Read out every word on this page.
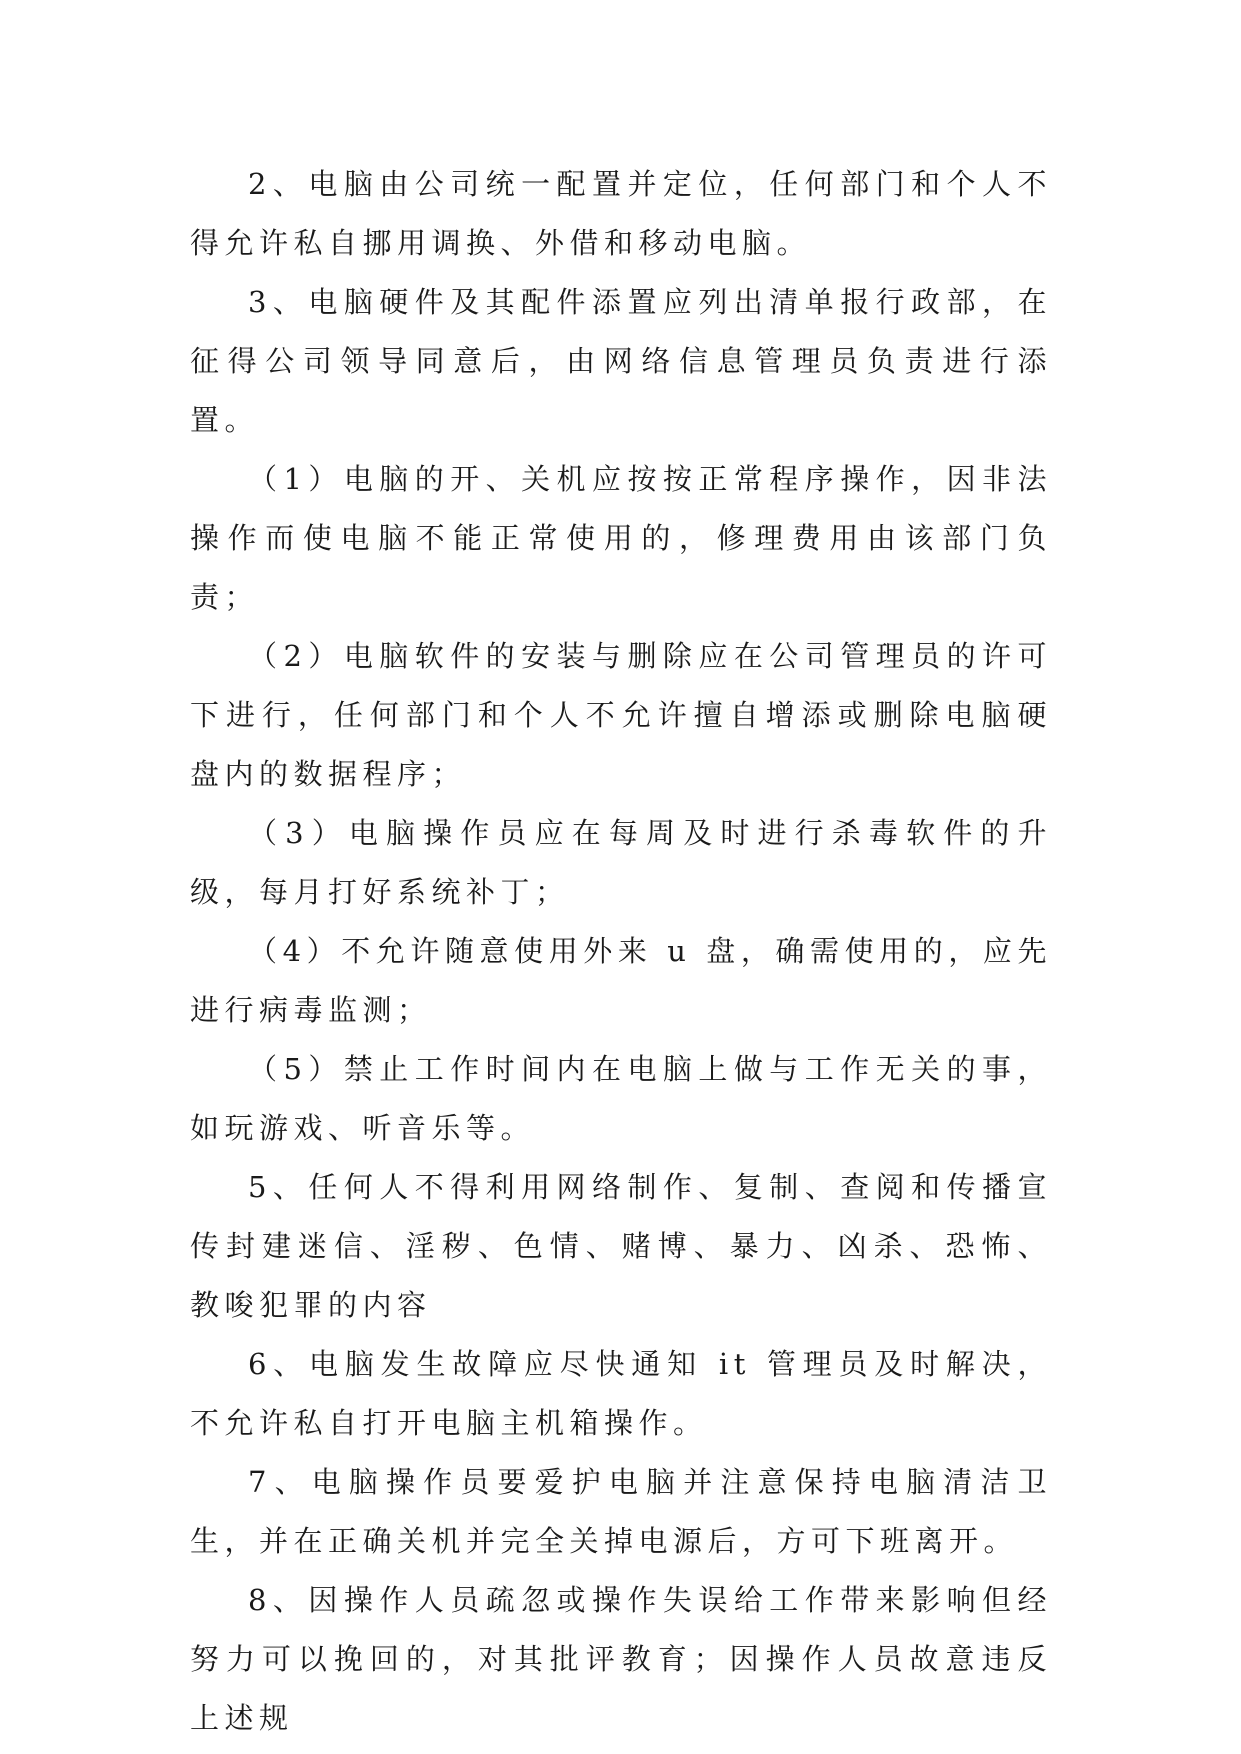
2、电脑由公司统一配置并定位，任何部门和个人不得允许私自挪用调换、外借和移动电脑。

3、电脑硬件及其配件添置应列出清单报行政部，在征得公司领导同意后，由网络信息管理员负责进行添置。

（1）电脑的开、关机应按按正常程序操作，因非法操作而使电脑不能正常使用的，修理费用由该部门负责；

（2）电脑软件的安装与删除应在公司管理员的许可下进行，任何部门和个人不允许擅自增添或删除电脑硬盘内的数据程序；

（3）电脑操作员应在每周及时进行杀毒软件的升级，每月打好系统补丁；

（4）不允许随意使用外来 u 盘，确需使用的，应先进行病毒监测；

（5）禁止工作时间内在电脑上做与工作无关的事，如玩游戏、听音乐等。

5、任何人不得利用网络制作、复制、查阅和传播宣传封建迷信、淫秽、色情、赌博、暴力、凶杀、恐怖、教唆犯罪的内容

6、电脑发生故障应尽快通知 it 管理员及时解决，不允许私自打开电脑主机箱操作。

7、电脑操作员要爱护电脑并注意保持电脑清洁卫生，并在正确关机并完全关掉电源后，方可下班离开。

8、因操作人员疏忽或操作失误给工作带来影响但经努力可以挽回的，对其批评教育；因操作人员故意违反上述规
